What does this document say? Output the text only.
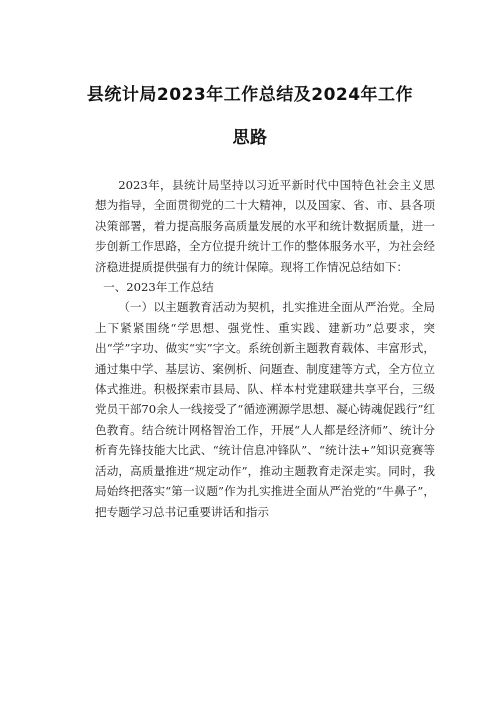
县统计局2023年工作总结及2024年工作
思路

2023年，县统计局坚持以习近平新时代中国特色社会主义思想为指导，全面贯彻党的二十大精神，以及国家、省、市、县各项决策部署，着力提高服务高质量发展的水平和统计数据质量，进一步创新工作思路，全方位提升统计工作的整体服务水平，为社会经济稳进提质提供强有力的统计保障。现将工作情况总结如下：

一、2023年工作总结

（一）以主题教育活动为契机，扎实推进全面从严治党。全局上下紧紧围绕“学思想、强党性、重实践、建新功”总要求，突出“学”字功、做实“实”字文。系统创新主题教育载体、丰富形式，通过集中学、基层访、案例析、问题查、制度建等方式，全方位立体式推进。积极探索市县局、队、样本村党建联建共享平台，三级党员干部70余人一线接受了“循迹溯源学思想、凝心铸魂促践行”红色教育。结合统计网格智治工作，开展“人人都是经济师”、统计分析育先锋技能大比武、“统计信息冲锋队”、“统计法+”知识竞赛等活动，高质量推进“规定动作”，推动主题教育走深走实。同时，我局始终把落实“第一议题”作为扎实推进全面从严治党的“牛鼻子”，把专题学习总书记重要讲话和指示
